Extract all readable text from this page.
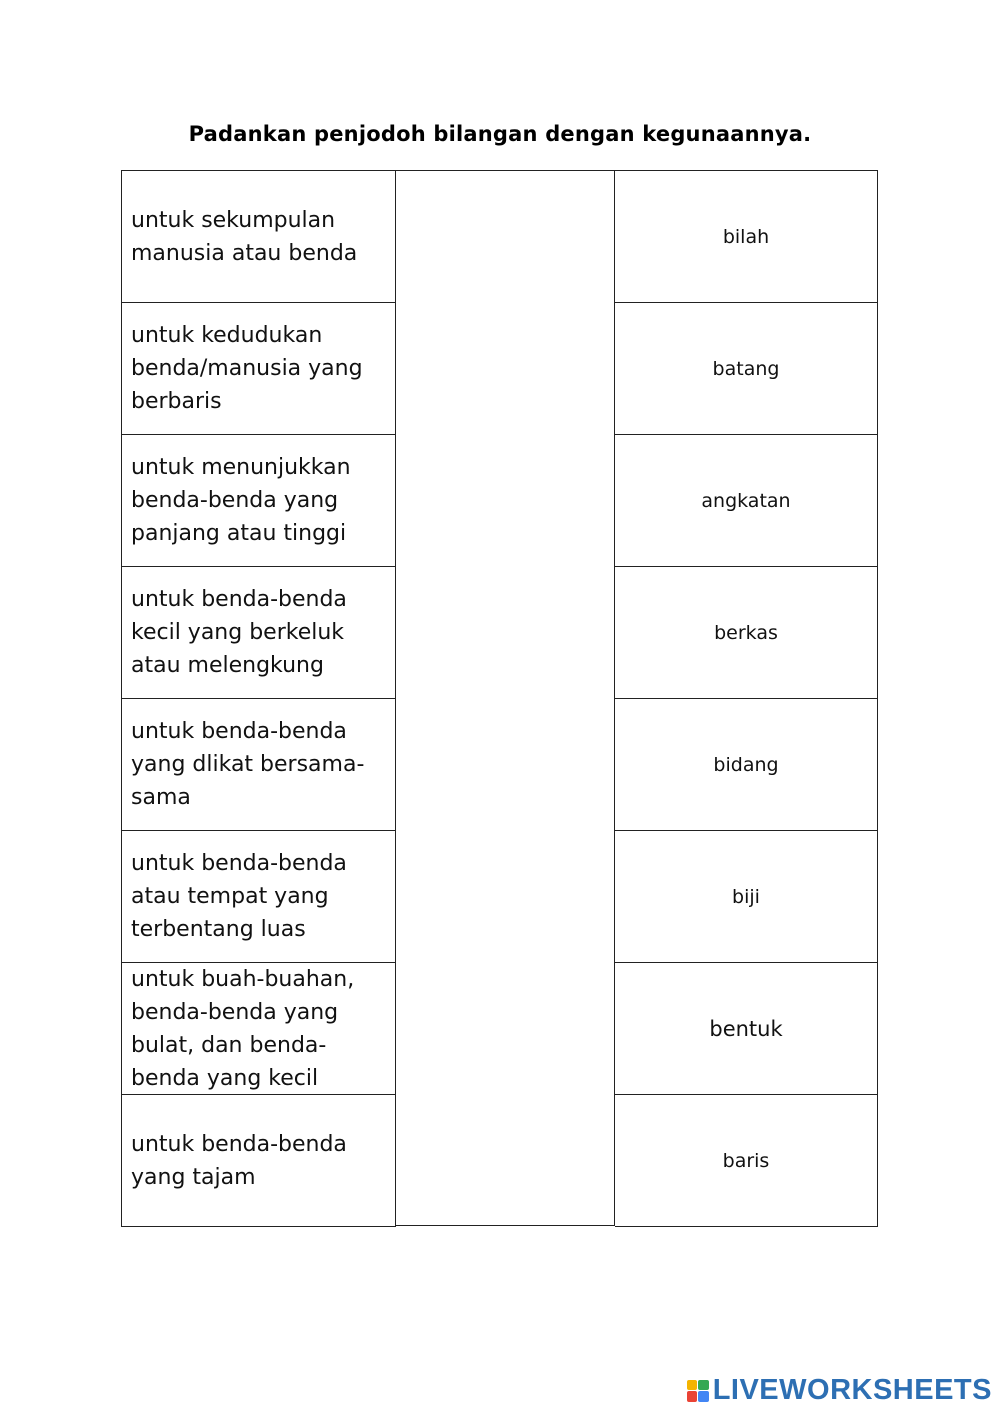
Padankan penjodoh bilangan dengan kegunaannya.
untuk sekumpulan manusia atau benda
untuk kedudukan benda/manusia yang berbaris
untuk menunjukkan benda-benda yang panjang atau tinggi
untuk benda-benda kecil yang berkeluk atau melengkung
untuk benda-benda yang dlikat bersama-sama
untuk benda-benda atau tempat yang terbentang luas
untuk buah-buahan, benda-benda yang bulat, dan benda-benda yang kecil
untuk benda-benda yang tajam
bilah
batang
angkatan
berkas
bidang
biji
bentuk
baris
LIVEWORKSHEETS
